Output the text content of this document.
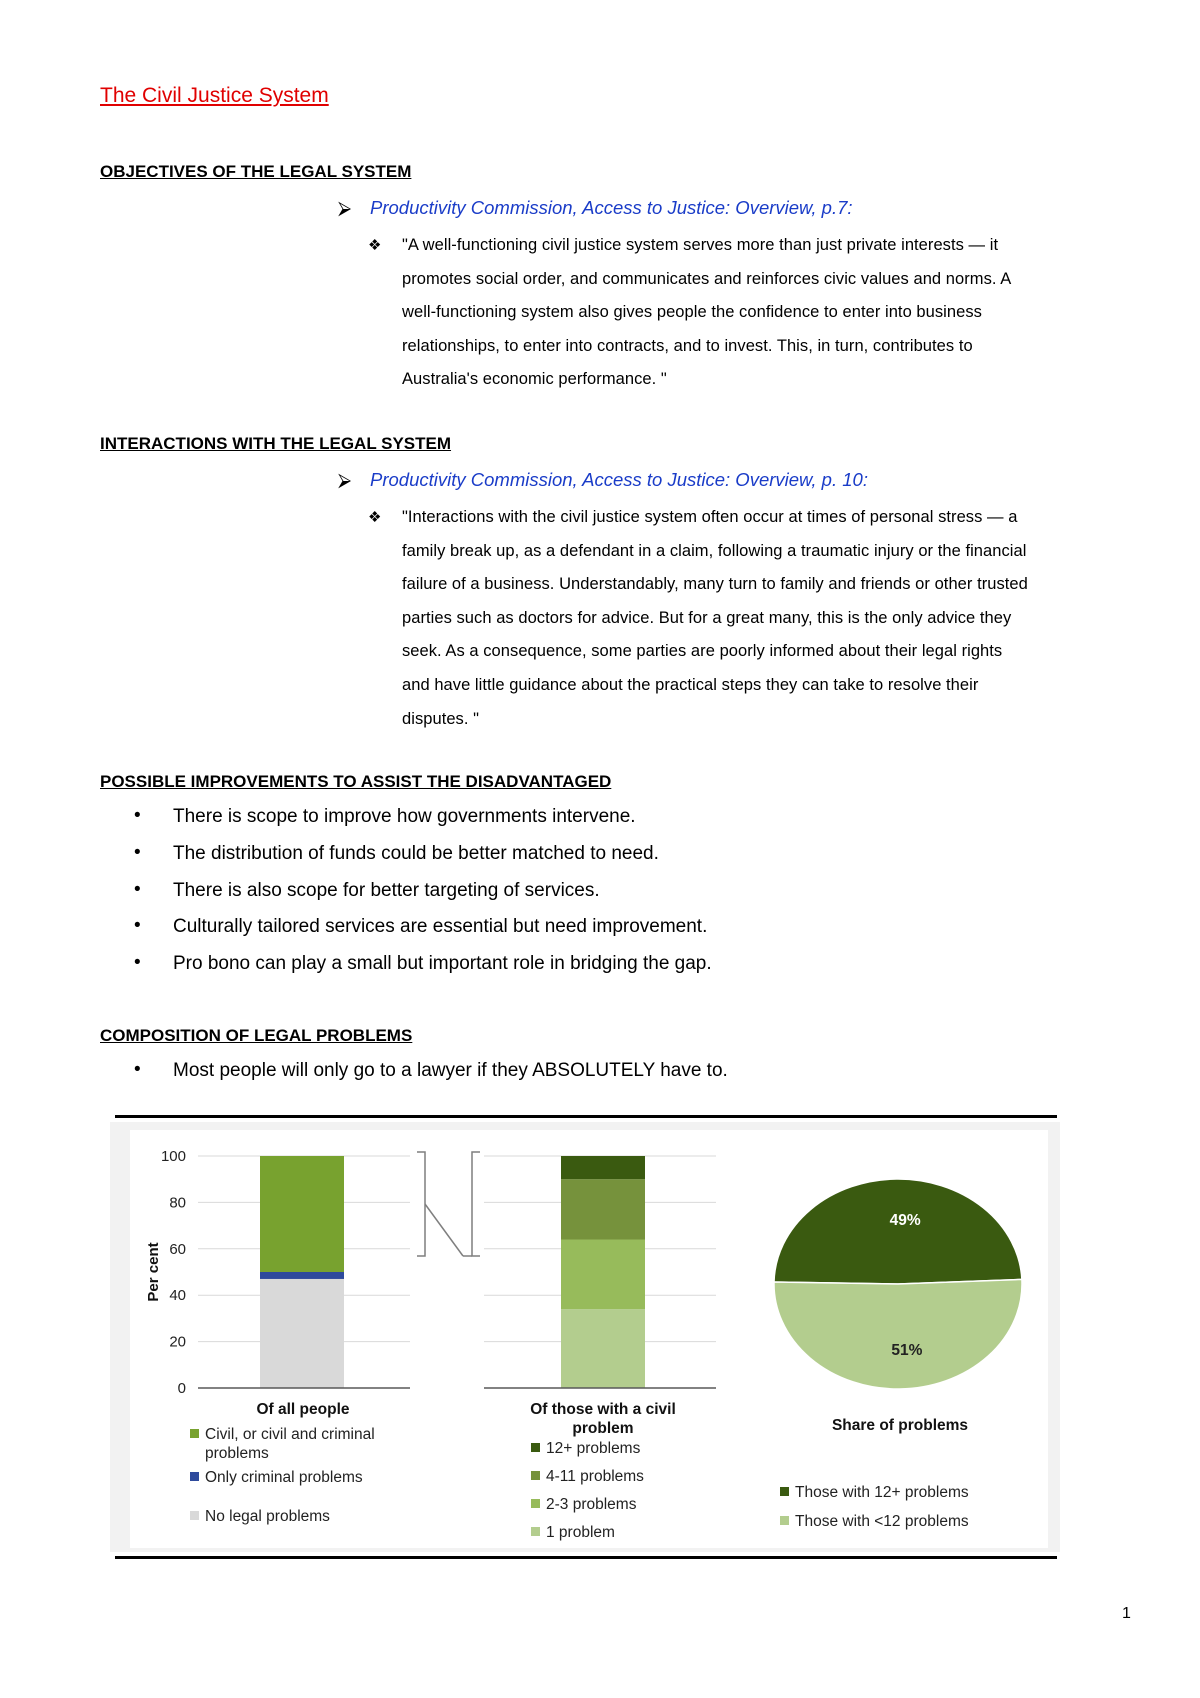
The Civil Justice System
OBJECTIVES OF THE LEGAL SYSTEM
⮚ Productivity Commission, Access to Justice: Overview, p.7:
❖ "A well-functioning civil justice system serves more than just private interests — it

promotes social order, and communicates and reinforces civic values and norms. A

well-functioning system also gives people the confidence to enter into business

relationships, to enter into contracts, and to invest. This, in turn, contributes to

Australia's economic performance. "

INTERACTIONS WITH THE LEGAL SYSTEM
⮚ Productivity Commission, Access to Justice: Overview, p. 10:
❖ "Interactions with the civil justice system often occur at times of personal stress — a

family break up, as a defendant in a claim, following a traumatic injury or the financial

failure of a business. Understandably, many turn to family and friends or other trusted

parties such as doctors for advice. But for a great many, this is the only advice they

seek. As a consequence, some parties are poorly informed about their legal rights

and have little guidance about the practical steps they can take to resolve their

disputes. "

POSSIBLE IMPROVEMENTS TO ASSIST THE DISADVANTAGED
• There is scope to improve how governments intervene.
• The distribution of funds could be better matched to need.
• There is also scope for better targeting of services.
• Culturally tailored services are essential but need improvement.
• Pro bono can play a small but important role in bridging the gap.
COMPOSITION OF LEGAL PROBLEMS
• Most people will only go to a lawyer if they ABSOLUTELY have to.
0
20
40
60
80
100
Per cent
Of all people	Of those with a civil
problem
49%
51%
Share of problems
Civil, or civil and criminal problems
Only criminal problems
No legal problems
12+ problems
4-11 problems
2-3 problems
1 problem
Those with 12+ problems
Those with <12 problems
1
